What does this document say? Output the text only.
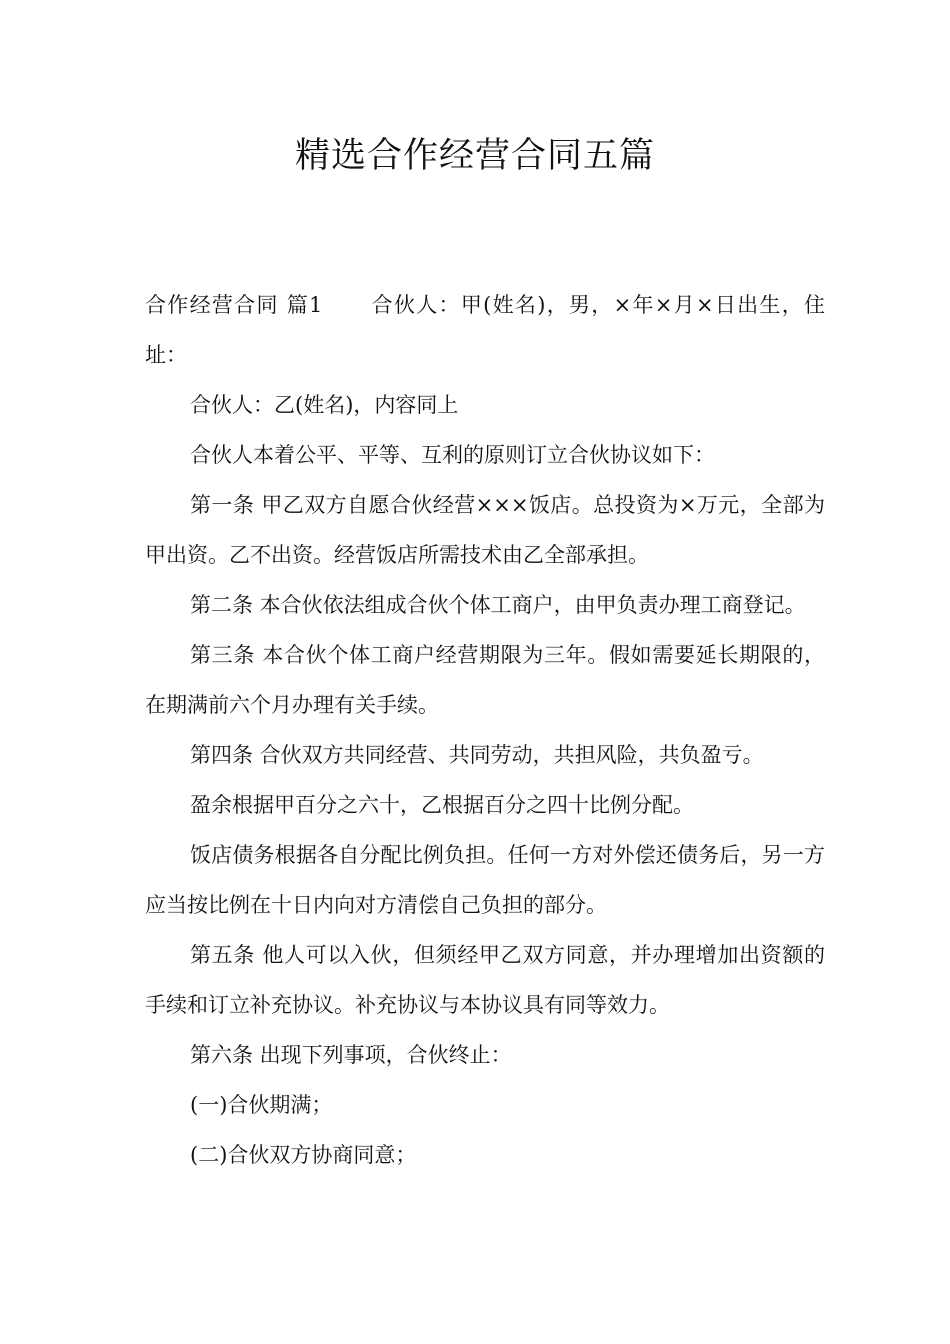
精选合作经营合同五篇

合作经营合同 篇1 合伙人：甲(姓名)，男，×年×月×日出生，住址：

合伙人：乙(姓名)，内容同上

合伙人本着公平、平等、互利的原则订立合伙协议如下：

第一条 甲乙双方自愿合伙经营×××饭店。总投资为×万元，全部为甲出资。乙不出资。经营饭店所需技术由乙全部承担。

第二条 本合伙依法组成合伙个体工商户，由甲负责办理工商登记。

第三条 本合伙个体工商户经营期限为三年。假如需要延长期限的，在期满前六个月办理有关手续。

第四条 合伙双方共同经营、共同劳动，共担风险，共负盈亏。

盈余根据甲百分之六十，乙根据百分之四十比例分配。

饭店债务根据各自分配比例负担。任何一方对外偿还债务后，另一方应当按比例在十日内向对方清偿自己负担的部分。

第五条 他人可以入伙，但须经甲乙双方同意，并办理增加出资额的手续和订立补充协议。补充协议与本协议具有同等效力。

第六条 出现下列事项，合伙终止：

(一)合伙期满；

(二)合伙双方协商同意；
